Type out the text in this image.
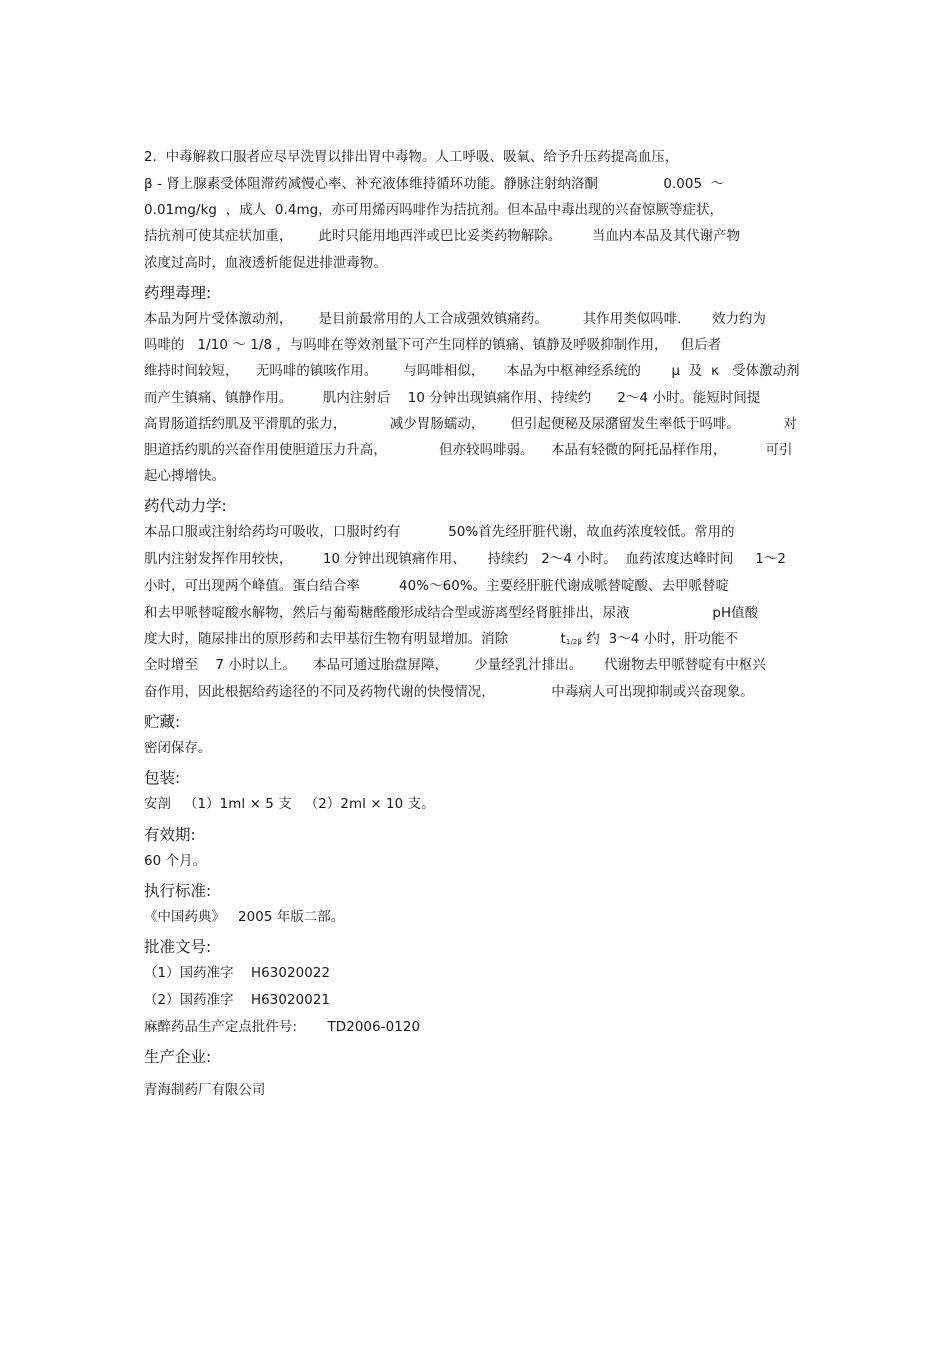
2.  中毒解救口服者应尽早洗胃以排出胃中毒物。人工呼吸、吸氧、给予升压药提高血压，
β - 肾上腺素受体阻滞药减慢心率、补充液体维持循环功能。静脉注射纳洛酮               0.005  ～
0.01mg/kg  ，成人  0.4mg，亦可用烯丙吗啡作为拮抗剂。但本品中毒出现的兴奋惊厥等症状，
拮抗剂可使其症状加重，      此时只能用地西泮或巴比妥类药物解除。       当血内本品及其代谢产物
浓度过高时，血液透析能促进排泄毒物。
药理毒理:
本品为阿片受体激动剂，      是目前最常用的人工合成强效镇痛药。        其作用类似吗啡.       效力约为
吗啡的   1/10 ～ 1/8 ，与吗啡在等效剂量下可产生同样的镇痛、镇静及呼吸抑制作用，   但后者
维持时间较短，    无吗啡的镇咳作用。      与吗啡相似，     本品为中枢神经系统的       μ  及  κ   受体激动剂
而产生镇痛、镇静作用。       肌内注射后    10 分钟出现镇痛作用、持续约      2～4 小时。能短时间提
高胃肠道括约肌及平滑肌的张力，          减少胃肠蠕动，      但引起便秘及尿潴留发生率低于吗啡。          对
胆道括约肌的兴奋作用使胆道压力升高，            但亦较吗啡弱。    本品有轻微的阿托品样作用，         可引
起心搏增快。
药代动力学:
本品口服或注射给药均可吸收，口服时约有           50%首先经肝脏代谢，故血药浓度较低。常用的
肌内注射发挥作用较快，       10 分钟出现镇痛作用、     持续约   2～4 小时。  血药浓度达峰时间     1～2
小时，可出现两个峰值。蛋白结合率         40%～60%。主要经肝脏代谢成哌替啶酸、去甲哌替啶
和去甲哌替啶酸水解物，然后与葡萄糖醛酸形成结合型或游离型经肾脏排出，尿液                   pH值酸
度大时，随尿排出的原形药和去甲基衍生物有明显增加。消除	$t_{1/2\beta}$ 约  3～4 小时，肝功能不
全时增至    7 小时以上。    本品可通过胎盘屏障，      少量经乳汁排出。     代谢物去甲哌替啶有中枢兴
奋作用，因此根据给药途径的不同及药物代谢的快慢情况，             中毒病人可出现抑制或兴奋现象。
贮藏:
密闭保存。
包装:
安剖   （1）1ml × 5 支   （2）2ml × 10 支。
有效期:
60 个月。
执行标准:
《中国药典》   2005 年版二部。
批准文号:
（1）国药准字    H63020022
（2）国药准字    H63020021
麻醉药品生产定点批件号:       TD2006-0120
生产企业:
青海制药厂有限公司
